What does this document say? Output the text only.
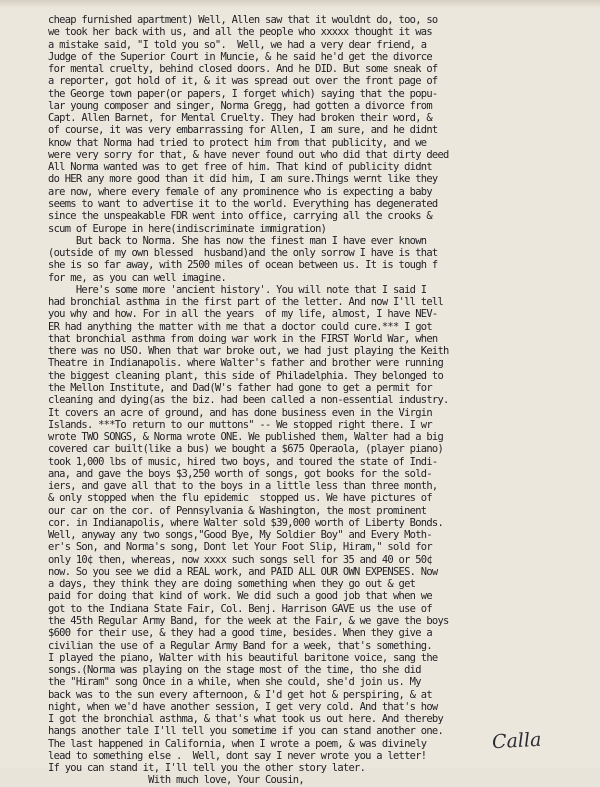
cheap furnished apartment) Well, Allen saw that it wouldnt do, too, so
we took her back with us, and all the people who xxxxx thought it was
a mistake said, "I told you so".  Well, we had a very dear friend, a
Judge of the Superior Court in Muncie, & he said he'd get the divorce
for mental cruelty, behind closed doors. And he DID. But some sneak of
a reporter, got hold of it, & it was spread out over the front page of
the George town paper(or papers, I forget which) saying that the popu-
lar young composer and singer, Norma Gregg, had gotten a divorce from
Capt. Allen Barnet, for Mental Cruelty. They had broken their word, &
of course, it was very embarrassing for Allen, I am sure, and he didnt
know that Norma had tried to protect him from that publicity, and we
were very sorry for that, & have never found out who did that dirty deed
All Norma wanted was to get free of him. That kind of publicity didnt
do HER any more good than it did him, I am sure.Things wernt like they
are now, where every female of any prominence who is expecting a baby
seems to want to advertise it to the world. Everything has degenerated
since the unspeakable FDR went into office, carrying all the crooks &
scum of Europe in here(indiscriminate immigration)
But back to Norma. She has now the finest man I have ever known
(outside of my own blessed  husband)and the only sorrow I have is that
she is so far away, with 2500 miles of ocean between us. It is tough f
for me, as you can well imagine.
Here's some more 'ancient history'. You will note that I said I
had bronchial asthma in the first part of the letter. And now I'll tell
you why and how. For in all the years  of my life, almost, I have NEV-
ER had anything the matter with me that a doctor could cure.*** I got
that bronchial asthma from doing war work in the FIRST World War, when
there was no USO. When that war broke out, we had just playing the Keith
Theatre in Indianapolis. where Walter's father and brother were running
the biggest cleaning plant, this side of Philadelphia. They belonged to
the Mellon Institute, and Dad(W's father had gone to get a permit for
cleaning and dying(as the biz. had been called a non-essential industry.
It covers an acre of ground, and has done business even in the Virgin
Islands. ***To return to our muttons" -- We stopped right there. I wr
wrote TWO SONGS, & Norma wrote ONE. We published them, Walter had a big
covered car built(like a bus) we bought a $675 Operaola, (player piano)
took 1,000 lbs of music, hired two boys, and toured the state of Indi-
ana, and gave the boys $3,250 worth of songs, got books for the sold-
iers, and gave all that to the boys in a little less than three month,
& only stopped when the flu epidemic  stopped us. We have pictures of
our car on the cor. of Pennsylvania & Washington, the most prominent
cor. in Indianapolis, where Walter sold $39,000 worth of Liberty Bonds.
Well, anyway any two songs,"Good Bye, My Soldier Boy" and Every Moth-
er's Son, and Norma's song, Dont let Your Foot Slip, Hiram," sold for
only 10¢ then, whereas, now xxxx such songs sell for 35 and 40 or 50¢
now. So you see we did a REAL work, and PAID ALL OUR OWN EXPENSES. Now
a days, they think they are doing something when they go out & get
paid for doing that kind of work. We did such a good job that when we
got to the Indiana State Fair, Col. Benj. Harrison GAVE us the use of
the 45th Regular Army Band, for the week at the Fair, & we gave the boys
$600 for their use, & they had a good time, besides. When they give a
civilian the use of a Regular Army Band for a week, that's something.
I played the piano, Walter with his beautiful baritone voice, sang the
songs.(Norma was playing on the stage most of the time, tho she did
the "Hiram" song Once in a while, when she could, she'd join us. My
back was to the sun every afternoon, & I'd get hot & perspiring, & at
night, when we'd have another session, I get very cold. And that's how
I got the bronchial asthma, & that's what took us out here. And thereby
hangs another tale I'll tell you sometime if you can stand another one.
The last happened in California, when I wrote a poem, & was divinely
lead to something else .  Well, dont say I never wrote you a letter!
If you can stand it, I'll tell you the other story later.
With much love, Your Cousin,
Calla
